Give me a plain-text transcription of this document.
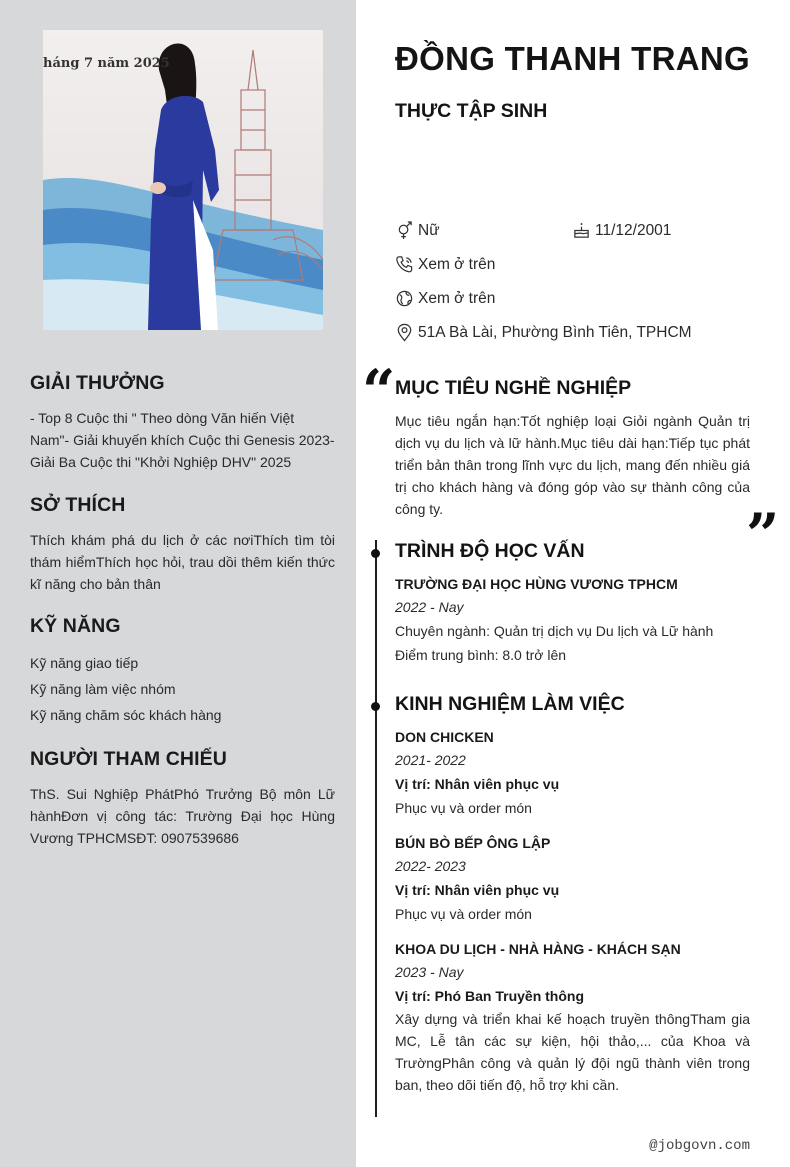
háng 7 năm 2025
GIẢI THƯỞNG

- Top 8 Cuộc thi " Theo dòng Văn hiến Việt Nam"- Giải khuyến khích Cuộc thi Genesis 2023- Giải Ba Cuộc thi "Khởi Nghiệp DHV" 2025

SỞ THÍCH

Thích khám phá du lịch ở các nơiThích tìm tòi thám hiểmThích học hỏi, trau dồi thêm kiến thức kĩ năng cho bản thân

KỸ NĂNG
Kỹ năng giao tiếp
Kỹ năng làm việc nhóm
Kỹ năng chăm sóc khách hàng
NGƯỜI THAM CHIẾU

ThS. Sui Nghiệp PhátPhó Trưởng Bộ môn Lữ hànhĐơn vị công tác: Trường Đại học Hùng Vương TPHCMSĐT: 0907539686

ĐỒNG THANH TRANG
THỰC TẬP SINH
Nữ	11/12/2001
Xem ở trên
Xem ở trên
51A Bà Lài, Phường Bình Tiên, TPHCM
“
”
MỤC TIÊU NGHỀ NGHIỆP

Mục tiêu ngắn hạn:Tốt nghiệp loại Giỏi ngành Quản trị dịch vụ du lịch và lữ hành.Mục tiêu dài hạn:Tiếp tục phát triển bản thân trong lĩnh vực du lịch, mang đến nhiều giá trị cho khách hàng và đóng góp vào sự thành công của công ty.

TRÌNH ĐỘ HỌC VẤN
TRƯỜNG ĐẠI HỌC HÙNG VƯƠNG TPHCM
2022 - Nay
Chuyên ngành: Quản trị dịch vụ Du lịch và Lữ hành
Điểm trung bình: 8.0 trở lên
KINH NGHIỆM LÀM VIỆC
DON CHICKEN
2021- 2022
Vị trí: Nhân viên phục vụ
Phục vụ và order món
BÚN BÒ BẾP ÔNG LẬP
2022- 2023
Vị trí: Nhân viên phục vụ
Phục vụ và order món
KHOA DU LỊCH - NHÀ HÀNG - KHÁCH SẠN
2023 - Nay
Vị trí: Phó Ban Truyền thông
Xây dựng và triển khai kế hoạch truyền thôngTham gia MC, Lễ tân các sự kiện, hội thảo,... của Khoa và TrườngPhân công và quản lý đội ngũ thành viên trong ban, theo dõi tiến độ, hỗ trợ khi cần.
@jobgovn.com
